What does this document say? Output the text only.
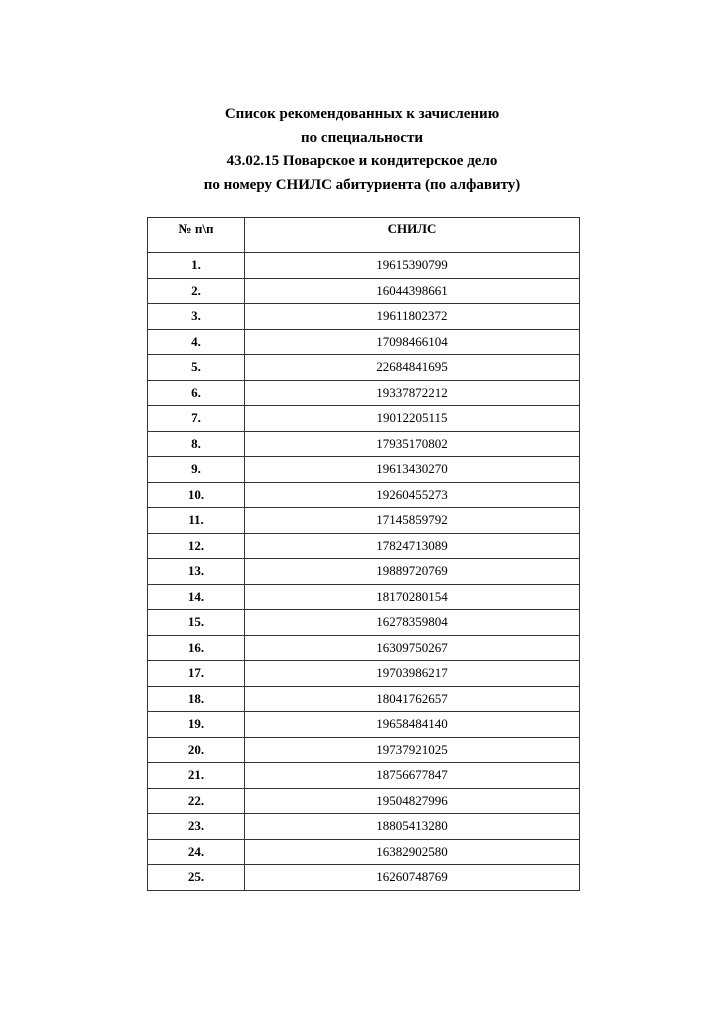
Список рекомендованных к зачислению
по специальности
43.02.15 Поварское и кондитерское дело
по номеру СНИЛС абитуриента (по алфавиту)
№ п\п	СНИЛС
1.	19615390799
2.	16044398661
3.	19611802372
4.	17098466104
5.	22684841695
6.	19337872212
7.	19012205115
8.	17935170802
9.	19613430270
10.	19260455273
11.	17145859792
12.	17824713089
13.	19889720769
14.	18170280154
15.	16278359804
16.	16309750267
17.	19703986217
18.	18041762657
19.	19658484140
20.	19737921025
21.	18756677847
22.	19504827996
23.	18805413280
24.	16382902580
25.	16260748769
